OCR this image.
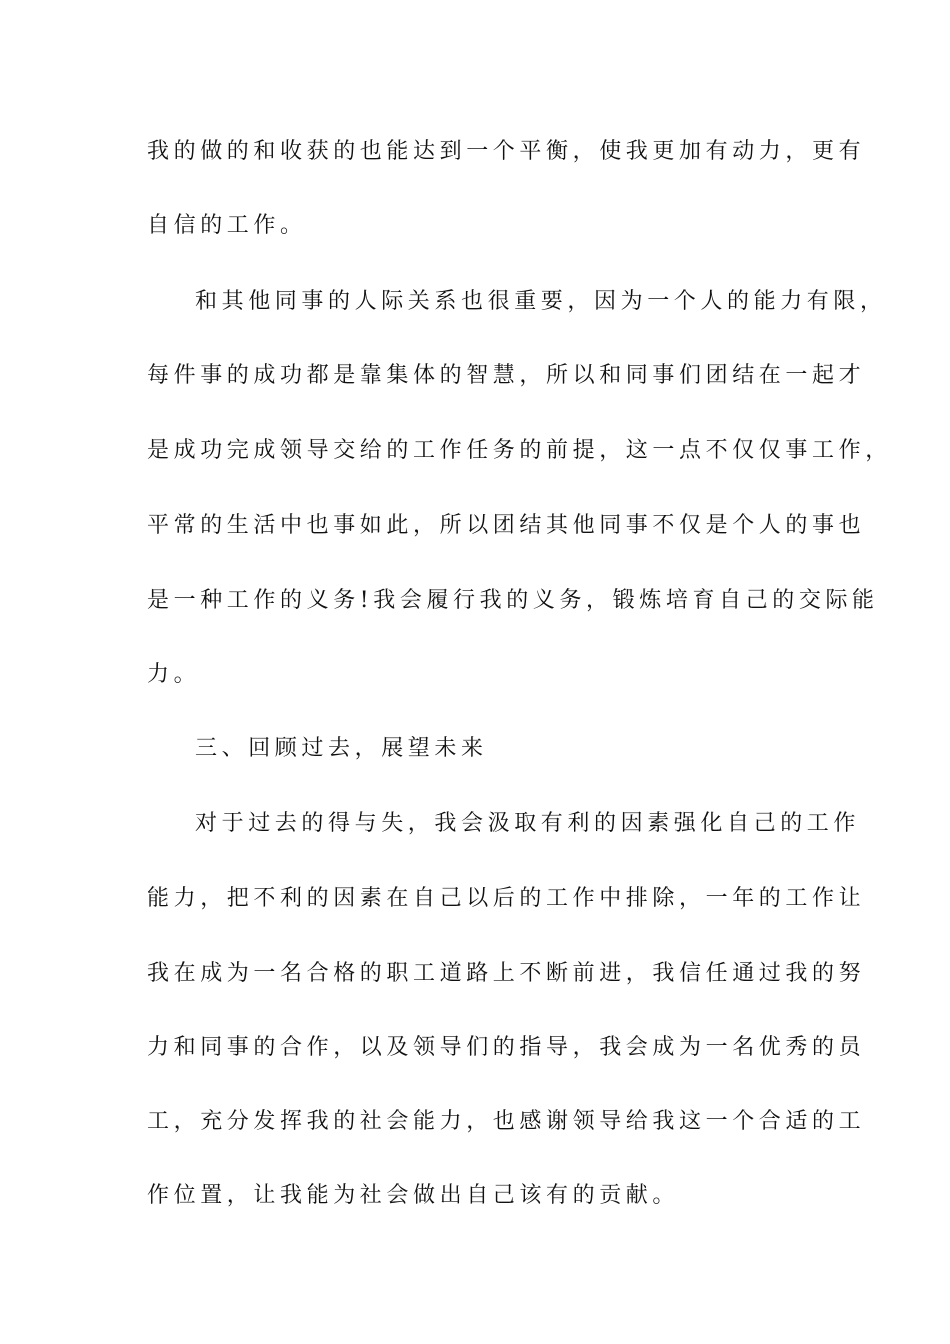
我的做的和收获的也能达到一个平衡，使我更加有动力，更有
自信的工作。
和其他同事的人际关系也很重要，因为一个人的能力有限，
每件事的成功都是靠集体的智慧，所以和同事们团结在一起才
是成功完成领导交给的工作任务的前提，这一点不仅仅事工作，
平常的生活中也事如此，所以团结其他同事不仅是个人的事也
是一种工作的义务!我会履行我的义务，锻炼培育自己的交际能
力。
三、回顾过去，展望未来
对于过去的得与失，我会汲取有利的因素强化自己的工作
能力，把不利的因素在自己以后的工作中排除，一年的工作让
我在成为一名合格的职工道路上不断前进，我信任通过我的努
力和同事的合作，以及领导们的指导，我会成为一名优秀的员
工，充分发挥我的社会能力，也感谢领导给我这一个合适的工
作位置，让我能为社会做出自己该有的贡献。
